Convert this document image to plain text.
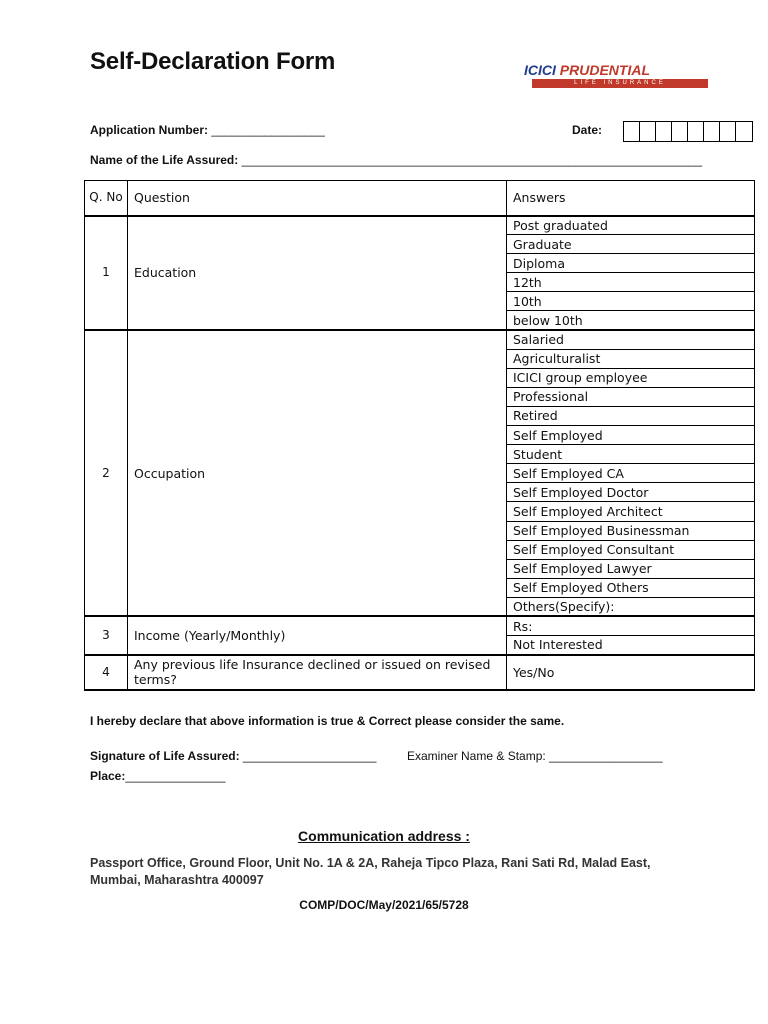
Self-Declaration Form	ICICI PRUDENTIAL
LIFE INSURANCE
Application Number: _________________	Date:
Name of the Life Assured: _____________________________________________________________________
Q. No	Question	Answers
1	Education	Post graduated
		Graduate
		Diploma
		12th
		10th
		below 10th
2	Occupation	Salaried
		Agriculturalist
		ICICI group employee
		Professional
		Retired
		Self Employed
		Student
		Self Employed CA
		Self Employed Doctor
		Self Employed Architect
		Self Employed Businessman
		Self Employed Consultant
		Self Employed Lawyer
		Self Employed Others
		Others(Specify):
3	Income (Yearly/Monthly)	Rs:
		Not Interested
4	Any previous life Insurance declined or issued on revised terms?	Yes/No
I hereby declare that above information is true & Correct please consider the same.
Signature of Life Assured: ____________________	Examiner Name & Stamp: _________________
Place:_______________
Communication address :
Passport Office, Ground Floor, Unit No. 1A & 2A, Raheja Tipco Plaza, Rani Sati Rd, Malad East, Mumbai, Maharashtra 400097
COMP/DOC/May/2021/65/5728
